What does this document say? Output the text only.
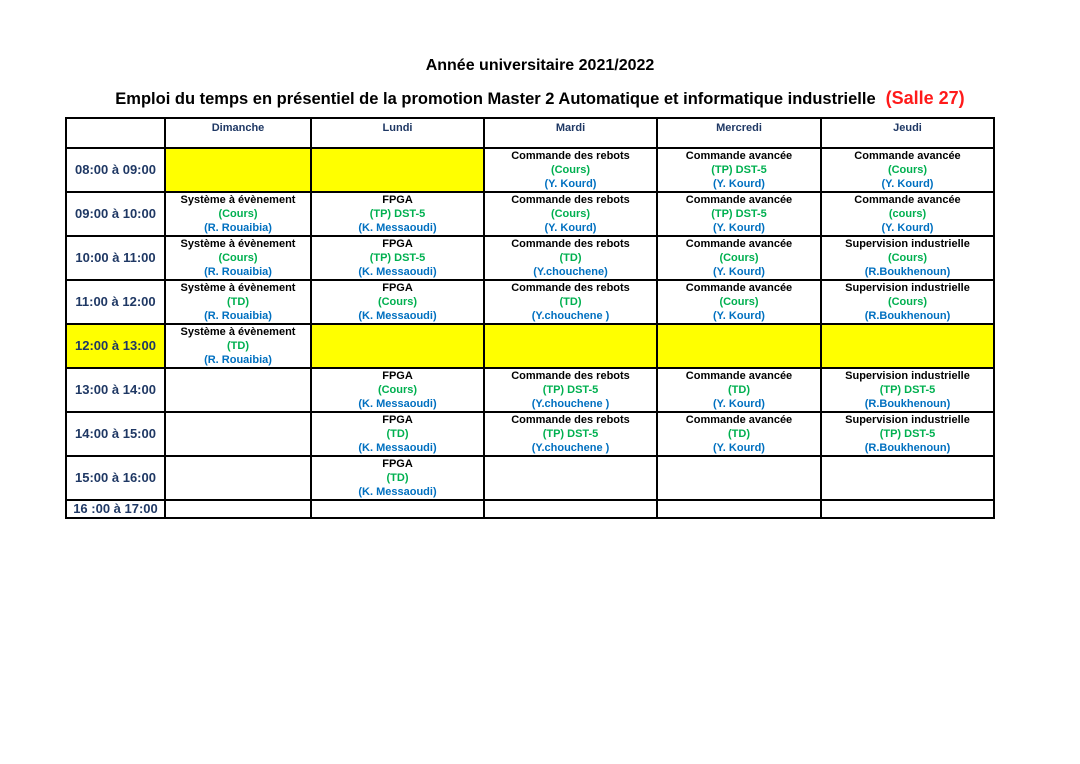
Année universitaire 2021/2022
Emploi du temps en présentiel de la promotion Master 2 Automatique et informatique industrielle (Salle 27)
	Dimanche	Lundi	Mardi	Mercredi	Jeudi
08:00 à 09:00			Commande des rebots
(Cours)
(Y. Kourd)	Commande avancée
(TP) DST-5
(Y. Kourd)	Commande avancée
(Cours)
(Y. Kourd)

09:00 à 10:00	Système à évènement
(Cours)
(R. Rouaibia)	FPGA
(TP) DST-5
(K. Messaoudi)	Commande des rebots
(Cours)
(Y. Kourd)	Commande avancée
(TP) DST-5
(Y. Kourd)	Commande avancée
(cours)
(Y. Kourd)

10:00 à 11:00	Système à évènement
(Cours)
(R. Rouaibia)	FPGA
(TP) DST-5
(K. Messaoudi)	Commande des rebots
(TD)
(Y.chouchene)	Commande avancée
(Cours)
(Y. Kourd)	Supervision industrielle
(Cours)
(R.Boukhenoun)

11:00 à 12:00	Système à évènement
(TD)
(R. Rouaibia)	FPGA
(Cours)
(K. Messaoudi)	Commande des rebots
(TD)
(Y.chouchene )	Commande avancée
(Cours)
(Y. Kourd)	Supervision industrielle
(Cours)
(R.Boukhenoun)

12:00 à 13:00	Système à évènement
(TD)
(R. Rouaibia)				

13:00 à 14:00		FPGA
(Cours)
(K. Messaoudi)	Commande des rebots
(TP) DST-5
(Y.chouchene )	Commande avancée
(TD)
(Y. Kourd)	Supervision industrielle
(TP) DST-5
(R.Boukhenoun)

14:00 à 15:00		FPGA
(TD)
(K. Messaoudi)	Commande des rebots
(TP) DST-5
(Y.chouchene )	Commande avancée
(TD)
(Y. Kourd)	Supervision industrielle
(TP) DST-5
(R.Boukhenoun)

15:00 à 16:00		FPGA
(TD)
(K. Messaoudi)			

16 :00 à 17:00					
